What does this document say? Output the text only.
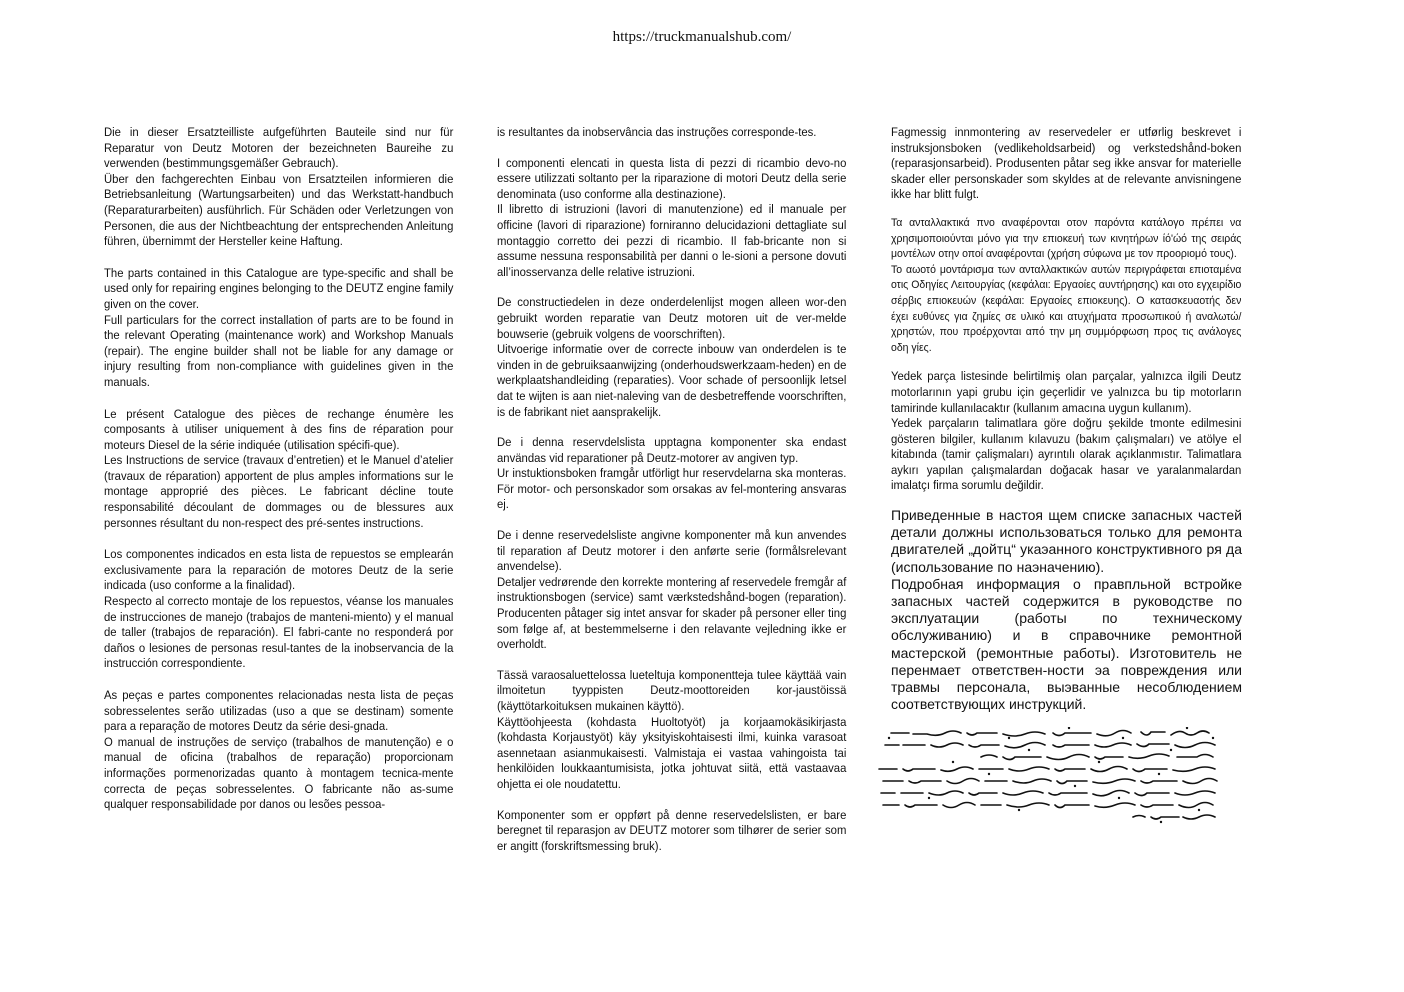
https://truckmanualshub.com/

Die in dieser Ersatzteilliste aufgeführten Bauteile sind nur für Reparatur von Deutz Motoren der bezeichneten Baureihe zu verwenden (bestimmungsgemäßer Gebrauch).

Über den fachgerechten Einbau von Ersatzteilen informieren die Betriebsanleitung (Wartungsarbeiten) und das Werkstatt-handbuch (Reparaturarbeiten) ausführlich. Für Schäden oder Verletzungen von Personen, die aus der Nichtbeachtung der entsprechenden Anleitung führen, übernimmt der Hersteller keine Haftung.

The parts contained in this Catalogue are type-specific and shall be used only for repairing engines belonging to the DEUTZ engine family given on the cover.

Full particulars for the correct installation of parts are to be found in the relevant Operating (maintenance work) and Workshop Manuals (repair). The engine builder shall not be liable for any damage or injury resulting from non-compliance with guidelines given in the manuals.

Le présent Catalogue des pièces de rechange énumère les composants à utiliser uniquement à des fins de réparation pour moteurs Diesel de la série indiquée (utilisation spécifi-que).

Les Instructions de service (travaux d’entretien) et le Manuel d’atelier (travaux de réparation) apportent de plus amples informations sur le montage approprié des pièces. Le fabricant décline toute responsabilité découlant de dommages ou de blessures aux personnes résultant du non-respect des pré-sentes instructions.

Los componentes indicados en esta lista de repuestos se emplearán exclusivamente para la reparación de motores Deutz de la serie indicada (uso conforme a la finalidad).

Respecto al correcto montaje de los repuestos, véanse los manuales de instrucciones de manejo (trabajos de manteni-miento) y el manual de taller (trabajos de reparación). El fabri-cante no responderá por daños o lesiones de personas resul-tantes de la inobservancia de la instrucción correspondiente.

As peças e partes componentes relacionadas nesta lista de peças sobresselentes serão utilizadas (uso a que se destinam) somente para a reparação de motores Deutz da série desi-gnada.

O manual de instruções de serviço (trabalhos de manutenção) e o manual de oficina (trabalhos de reparação) proporcionam informações pormenorizadas quanto à montagem tecnica-mente correcta de peças sobresselentes. O fabricante não as-sume qualquer responsabilidade por danos ou lesões pessoa-

is resultantes da inobservância das instruções corresponde-tes.

I componenti elencati in questa lista di pezzi di ricambio devo-no essere utilizzati soltanto per la riparazione di motori Deutz della serie denominata (uso conforme alla destinazione).

Il libretto di istruzioni (lavori di manutenzione) ed il manuale per officine (lavori di riparazione) forniranno delucidazioni dettagliate sul montaggio corretto dei pezzi di ricambio. Il fab-bricante non si assume nessuna responsabilità per danni o le-sioni a persone dovuti all’inosservanza delle relative istruzioni.

De constructiedelen in deze onderdelenlijst mogen alleen wor-den gebruikt worden reparatie van Deutz motoren uit de ver-melde bouwserie (gebruik volgens de voorschriften).

Uitvoerige informatie over de correcte inbouw van onderdelen is te vinden in de gebruiksaanwijzing (onderhoudswerkzaam-heden) en de werkplaatshandleiding (reparaties). Voor schade of persoonlijk letsel dat te wijten is aan niet-naleving van de desbetreffende voorschriften, is de fabrikant niet aansprakelijk.

De i denna reservdelslista upptagna komponenter ska endast användas vid reparationer på Deutz-motorer av angiven typ.

Ur instuktionsboken framgår utförligt hur reservdelarna ska monteras. För motor- och personskador som orsakas av fel-montering ansvaras ej.

De i denne reservedelsliste angivne komponenter må kun anvendes til reparation af Deutz motorer i den anførte serie (formålsrelevant anvendelse).

Detaljer vedrørende den korrekte montering af reservedele fremgår af instruktionsbogen (service) samt værkstedshånd-bogen (reparation). Producenten påtager sig intet ansvar for skader på personer eller ting som følge af, at bestemmelserne i den relavante vejledning ikke er overholdt.

Tässä varaosaluettelossa lueteltuja komponentteja tulee käyttää vain ilmoitetun tyyppisten Deutz-moottoreiden kor-jaustöissä (käyttötarkoituksen mukainen käyttö).

Käyttöohjeesta (kohdasta Huoltotyöt) ja korjaamokäsikirjasta (kohdasta Korjaustyöt) käy yksityiskohtaisesti ilmi, kuinka varasoat asennetaan asianmukaisesti. Valmistaja ei vastaa vahingoista tai henkilöiden loukkaantumisista, jotka johtuvat siitä, että vastaavaa ohjetta ei ole noudatettu.

Komponenter som er oppført på denne reservedelslisten, er bare beregnet til reparasjon av DEUTZ motorer som tilhører de serier som er angitt (forskriftsmessing bruk).

Fagmessig innmontering av reservedeler er utførlig beskrevet i instruksjonsboken (vedlikeholdsarbeid) og verkstedshånd-boken (reparasjonsarbeid). Produsenten påtar seg ikke ansvar for materielle skader eller personskader som skyldes at de relevante anvisningene ikke har blitt fulgt.

Τα ανταλλακτικά πνο αναφέρονται οτον παρόντα κατάλογο πρέπει να χρησιμοποιούνται μόνο για την επιοκευή των κινητήρων ίό'ώό της σειράς μοντέλων οτην οποί αναφέρονται (χρήση σύφωνα με τον προοριομό τους).

Το αωοτό μοντάρισμα των ανταλλακτικών αυτών περιγράφεται επιοταμένα οτις Οδηγίες Λειτουργίας (κεφάλαι: Εργαοίες αυντήρησης) και οτο εγχειρίδιο σέρβις επιοκευών (κεφάλαι: Εργαοίες επιοκευης). Ο κατασκευαοτής δεν έχει ευθύνες για ζημίες σε υλικό και ατυχήματα προσωπικού ή αναλωτώ/χρηστών, που προέρχονται από την μη συμμόρφωση προς τις ανάλογες οδη γίες.

Yedek parça listesinde belirtilmiş olan parçalar, yalnızca ilgili Deutz motorlarının yapi grubu için geçerlidir ve yalnızca bu tip motorların tamirinde kullanılacaktır (kullanım amacına uygun kullanım).

Yedek parçaların talimatlara göre doğru şekilde tmonte edilmesini gösteren bilgiler, kullanım kılavuzu (bakım çalışmaları) ve atölye el kitabında (tamir çalişmaları) ayrıntılı olarak açıklanmıstır. Talimatlara aykırı yapılan çalışmalardan doğacak hasar ve yaralanmalardan imalatçı firma sorumlu değildir.

Приведенные в настоя щем списке запасных частей детали должны использоваться только для ремонта двигателей „дойтц“ укаэанного конструктивного ря да (использование по наэначению).

Подробная информация о правпльной встройке запасных частей содержится в руководстве по эксплуатации (работы по техническому обслуживанию) и в справочнике ремонтной мастерской (ремонтные работы). Изготовитель не перенмает ответствен-ности эа повреждения или травмы персонала, выэванные несоблюдением соответствующих инструкций.
